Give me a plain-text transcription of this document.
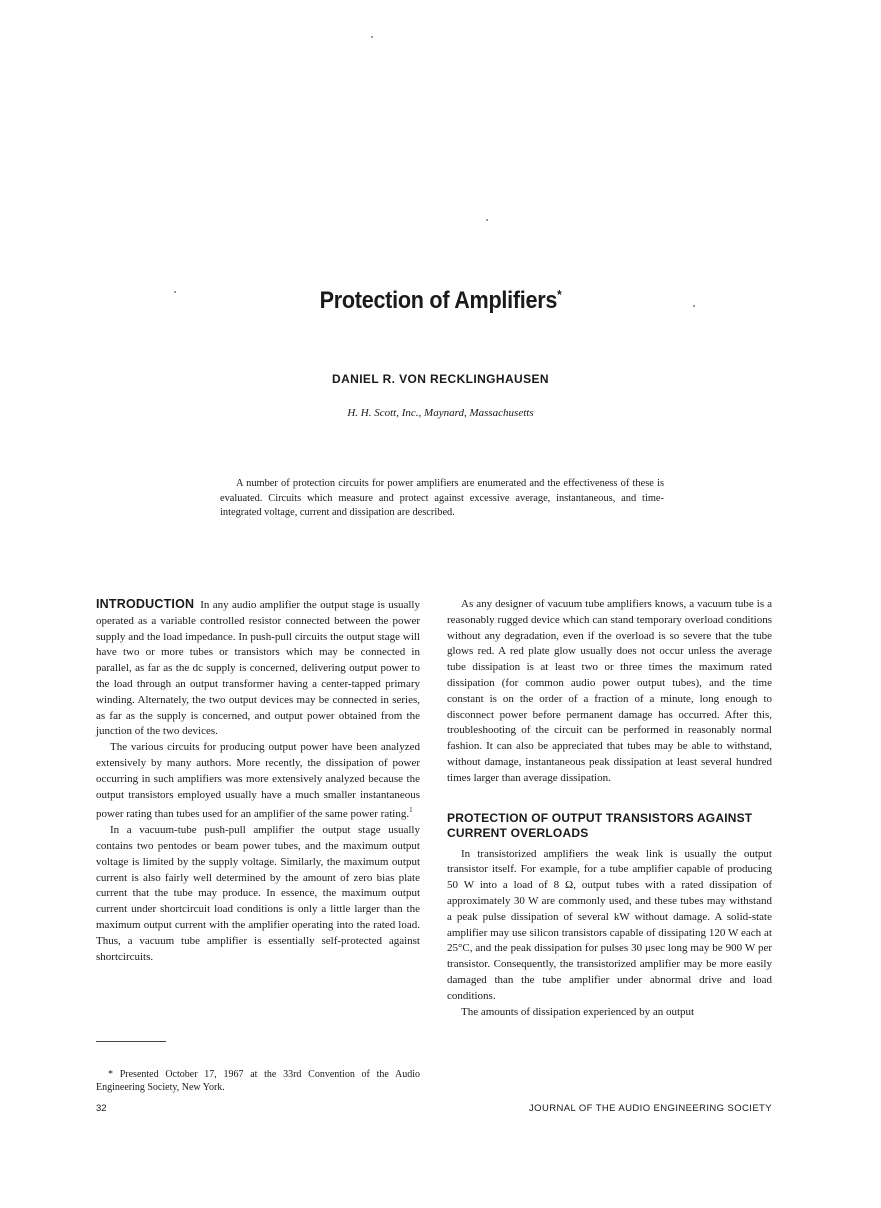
Protection of Amplifiers*
DANIEL R. VON RECKLINGHAUSEN
H. H. Scott, Inc., Maynard, Massachusetts
A number of protection circuits for power amplifiers are enumerated and the effectiveness of these is evaluated. Circuits which measure and protect against excessive average, instantaneous, and time-integrated voltage, current and dissipation are described.

INTRODUCTION In any audio amplifier the output stage is usually operated as a variable controlled resistor connected between the power supply and the load impedance. In push-pull circuits the output stage will have two or more tubes or transistors which may be connected in parallel, as far as the dc supply is concerned, delivering output power to the load through an output transformer having a center-tapped primary winding. Alternately, the two output devices may be connected in series, as far as the supply is concerned, and output power obtained from the junction of the two devices.

The various circuits for producing output power have been analyzed extensively by many authors. More recently, the dissipation of power occurring in such amplifiers was more extensively analyzed because the output transistors employed usually have a much smaller instantaneous power rating than tubes used for an amplifier of the same power rating.$^1$

In a vacuum-tube push-pull amplifier the output stage usually contains two pentodes or beam power tubes, and the maximum output voltage is limited by the supply voltage. Similarly, the maximum output current is also fairly well determined by the amount of zero bias plate current that the tube may produce. In essence, the maximum output current under shortcircuit load conditions is only a little larger than the maximum output current with the amplifier operating into the rated load. Thus, a vacuum tube amplifier is essentially self-protected against shortcircuits.

As any designer of vacuum tube amplifiers knows, a vacuum tube is a reasonably rugged device which can stand temporary overload conditions without any degradation, even if the overload is so severe that the tube glows red. A red plate glow usually does not occur unless the average tube dissipation is at least two or three times the maximum rated dissipation (for common audio power output tubes), and the time constant is on the order of a fraction of a minute, long enough to disconnect power before permanent damage has occurred. After this, troubleshooting of the circuit can be performed in reasonably normal fashion. It can also be appreciated that tubes may be able to withstand, without damage, instantaneous peak dissipation at least several hundred times larger than average dissipation.

PROTECTION OF OUTPUT TRANSISTORS AGAINST CURRENT OVERLOADS

In transistorized amplifiers the weak link is usually the output transistor itself. For example, for a tube amplifier capable of producing 50 W into a load of 8 Ω, output tubes with a rated dissipation of approximately 30 W are commonly used, and these tubes may withstand a peak pulse dissipation of several kW without damage. A solid-state amplifier may use silicon transistors capable of dissipating 120 W each at 25°C, and the peak dissipation for pulses 30 μsec long may be 900 W per transistor. Consequently, the transistorized amplifier may be more easily damaged than the tube amplifier under abnormal drive and load conditions.

The amounts of dissipation experienced by an output

* Presented October 17, 1967 at the 33rd Convention of the Audio Engineering Society, New York.
32	JOURNAL OF THE AUDIO ENGINEERING SOCIETY
